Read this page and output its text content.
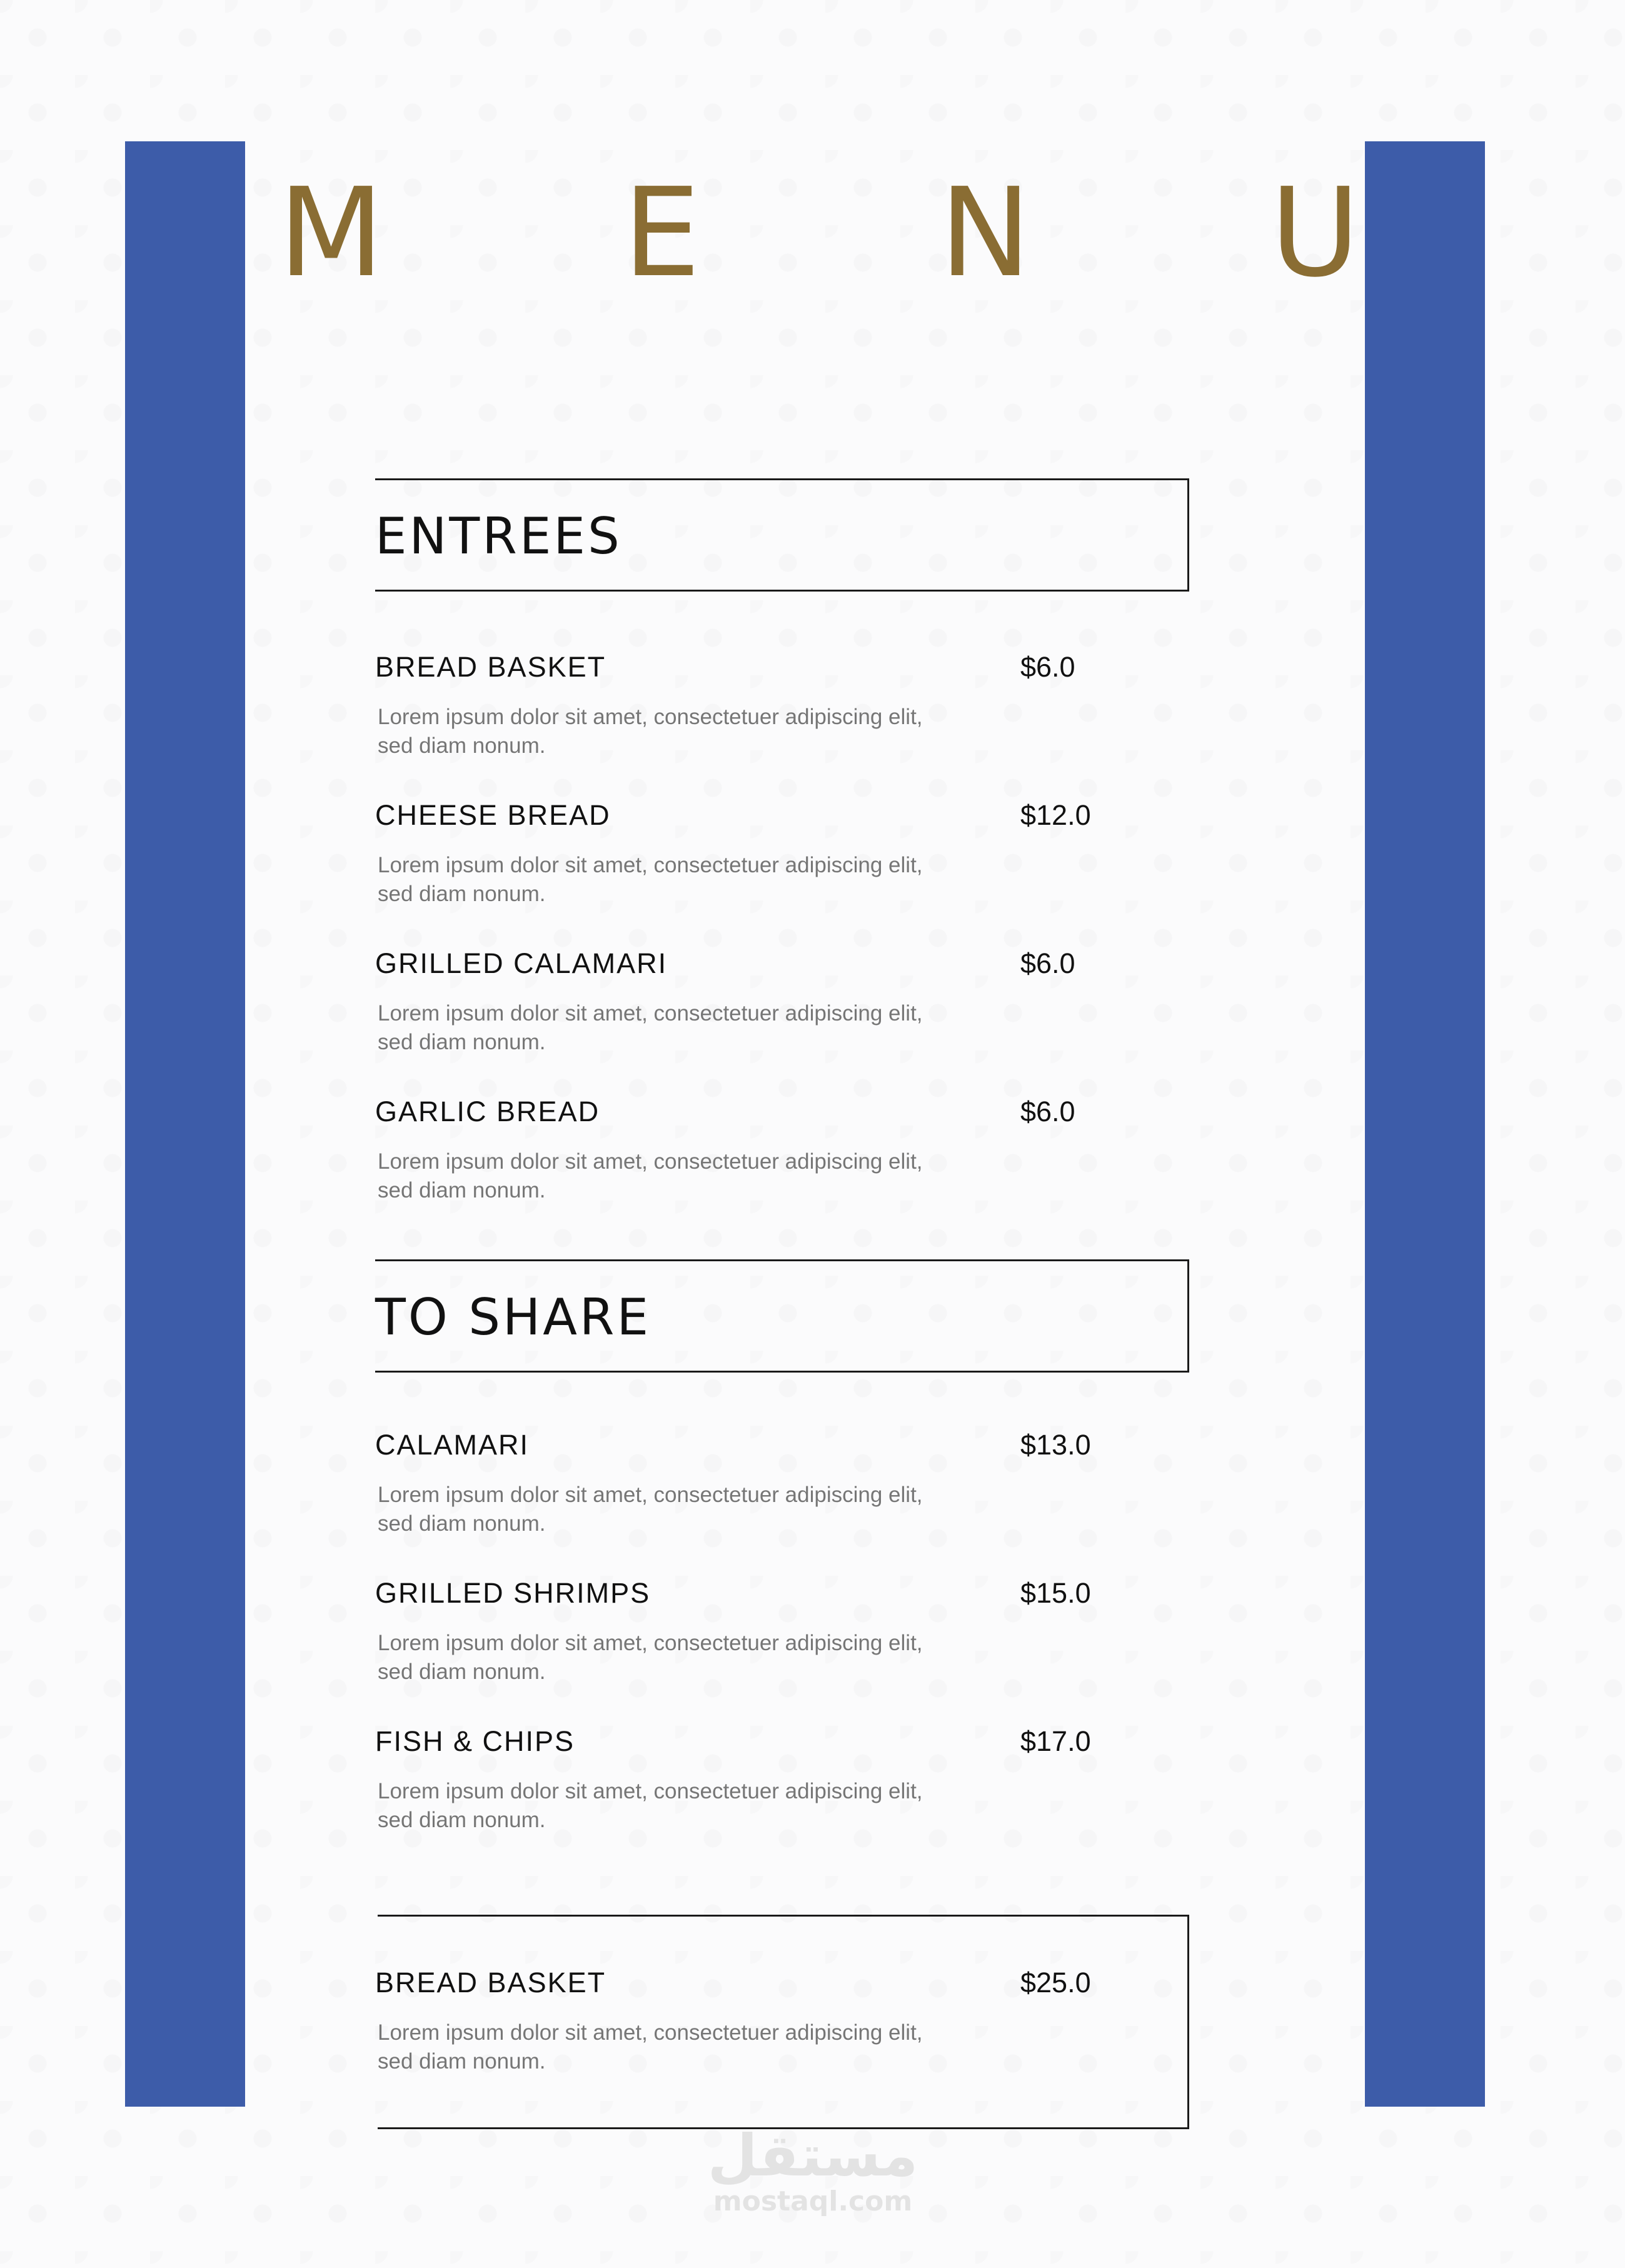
M E N U
ENTREES
BREAD BASKET	$6.0

Lorem ipsum dolor sit amet, consectetuer adipiscing elit, sed diam nonum.

CHEESE BREAD	$12.0

Lorem ipsum dolor sit amet, consectetuer adipiscing elit, sed diam nonum.

GRILLED CALAMARI	$6.0

Lorem ipsum dolor sit amet, consectetuer adipiscing elit, sed diam nonum.

GARLIC BREAD	$6.0

Lorem ipsum dolor sit amet, consectetuer adipiscing elit, sed diam nonum.

TO SHARE
CALAMARI	$13.0

Lorem ipsum dolor sit amet, consectetuer adipiscing elit, sed diam nonum.

GRILLED SHRIMPS	$15.0

Lorem ipsum dolor sit amet, consectetuer adipiscing elit, sed diam nonum.

FISH & CHIPS	$17.0

Lorem ipsum dolor sit amet, consectetuer adipiscing elit, sed diam nonum.

BREAD BASKET	$25.0

Lorem ipsum dolor sit amet, consectetuer adipiscing elit, sed diam nonum.

مستقل
mostaql.com
